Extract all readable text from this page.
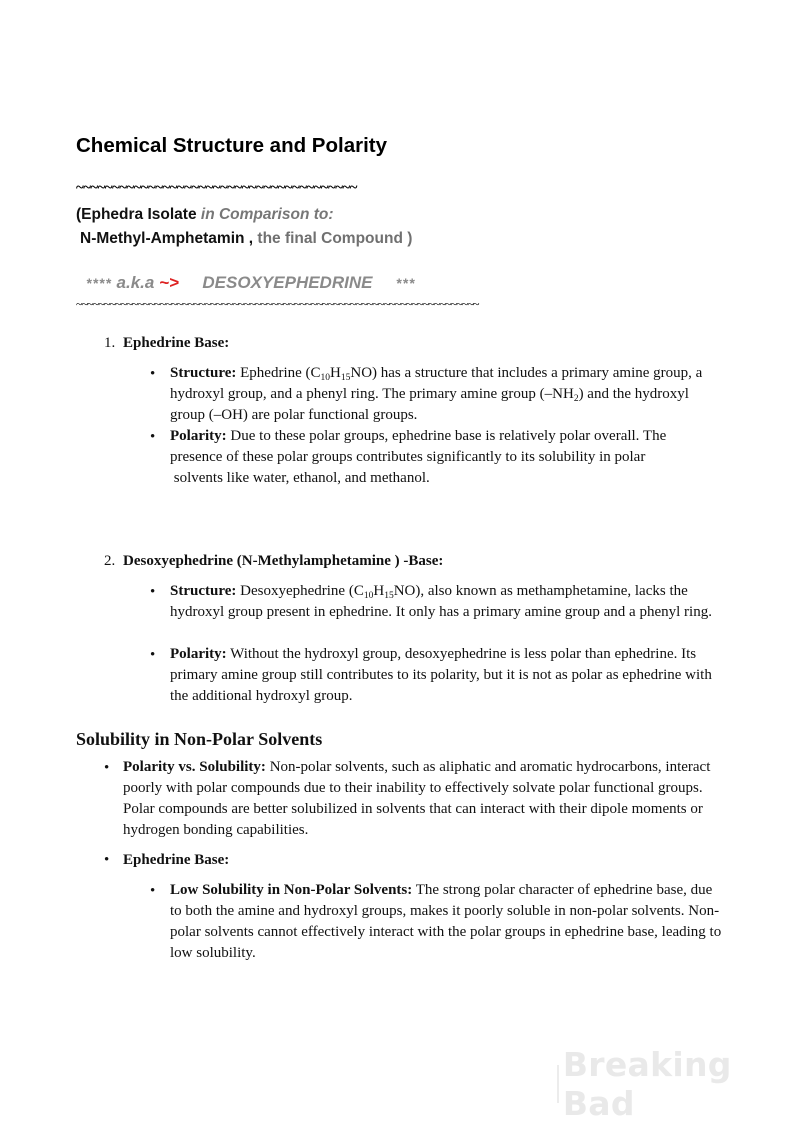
Chemical Structure and Polarity
~~~~~~~~~~~~~~~~~~~~~~~~~~~~~~~~~~~~~~~
(Ephedra Isolate in Comparison to:
N-Methyl-Amphetamin , the final Compound )
**** a.k.a ~> DESOXYEPHEDRINE ***
~~~~~~~~~~~~~~~~~~~~~~~~~~~~~~~~~~~~~~~~~~~~~~~~~~~~~~~~~~~~~~~~~~~~~~~~
1. Ephedrine Base:
• Structure: Ephedrine $(C_{10}H_{15}NO)$ has a structure that includes a primary amine group, a hydroxyl group, and a phenyl ring. The primary amine group $(-NH_2)$ and the hydroxyl group (–OH) are polar functional groups.
• Polarity: Due to these polar groups, ephedrine base is relatively polar overall. The presence of these polar groups contributes significantly to its solubility in polar
solvents like water, ethanol, and methanol.
2. Desoxyephedrine (N-Methylamphetamine ) -Base:
• Structure: Desoxyephedrine $(C_{10}H_{15}NO)$, also known as methamphetamine, lacks the hydroxyl group present in ephedrine. It only has a primary amine group and a phenyl ring.
• Polarity: Without the hydroxyl group, desoxyephedrine is less polar than ephedrine. Its primary amine group still contributes to its polarity, but it is not as polar as ephedrine with the additional hydroxyl group.
Solubility in Non-Polar Solvents
• Polarity vs. Solubility: Non-polar solvents, such as aliphatic and aromatic hydrocarbons, interact poorly with polar compounds due to their inability to effectively solvate polar functional groups. Polar compounds are better solubilized in solvents that can interact with their dipole moments or hydrogen bonding capabilities.
• Ephedrine Base:
• Low Solubility in Non-Polar Solvents: The strong polar character of ephedrine base, due to both the amine and hydroxyl groups, makes it poorly soluble in non-polar solvents. Non-polar solvents cannot effectively interact with the polar groups in ephedrine base, leading to low solubility.
Breaking Bad
